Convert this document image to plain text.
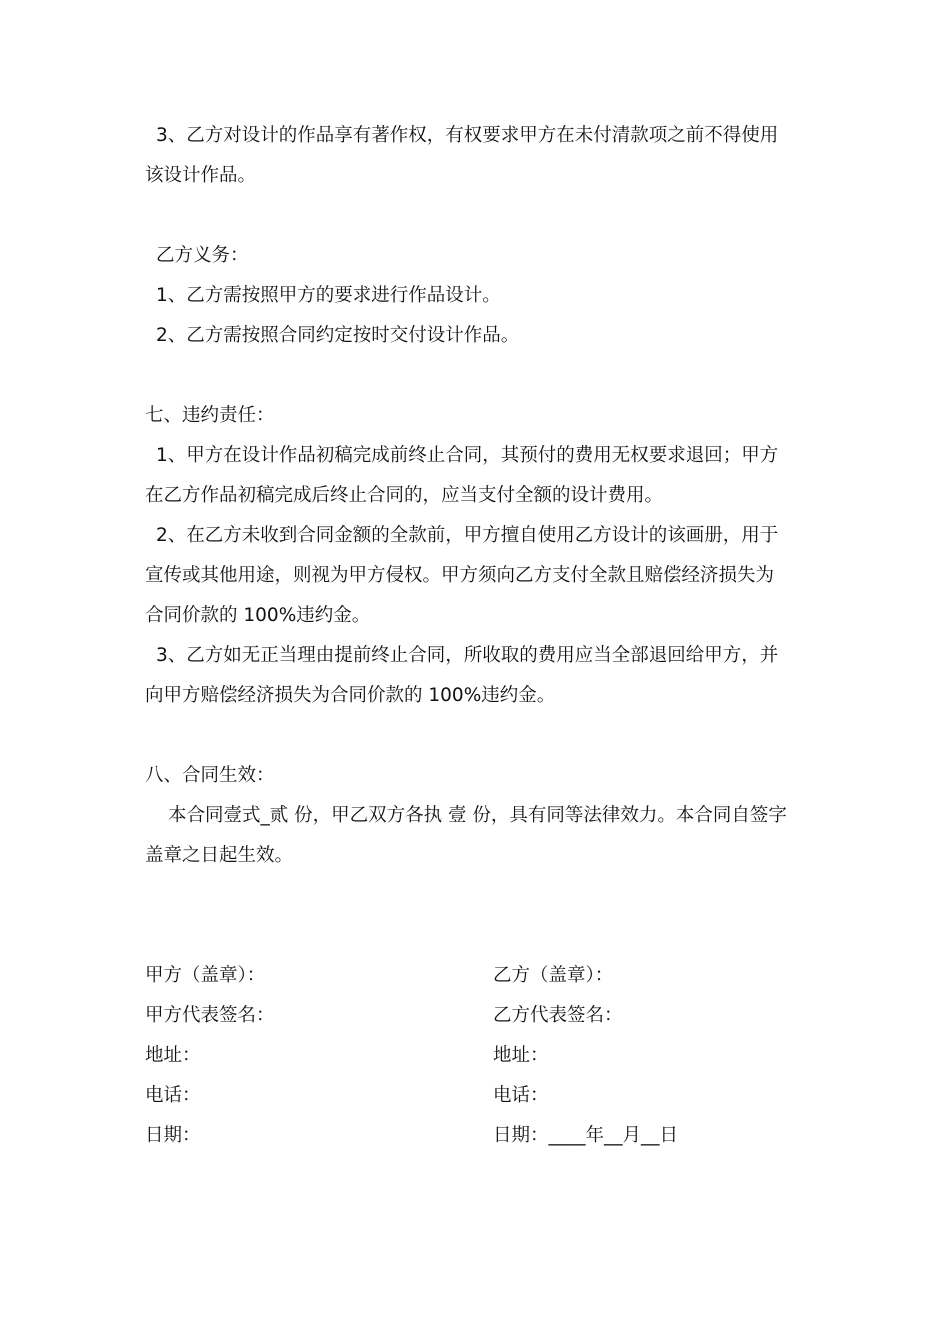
3、乙方对设计的作品享有著作权，有权要求甲方在未付清款项之前不得使用
该设计作品。
乙方义务：
1、乙方需按照甲方的要求进行作品设计。
2、乙方需按照合同约定按时交付设计作品。
七、违约责任：
1、甲方在设计作品初稿完成前终止合同，其预付的费用无权要求退回；甲方
在乙方作品初稿完成后终止合同的，应当支付全额的设计费用。
2、在乙方未收到合同金额的全款前，甲方擅自使用乙方设计的该画册，用于
宣传或其他用途，则视为甲方侵权。甲方须向乙方支付全款且赔偿经济损失为
合同价款的 100%违约金。
3、乙方如无正当理由提前终止合同，所收取的费用应当全部退回给甲方，并
向甲方赔偿经济损失为合同价款的 100%违约金。
八、合同生效：
本合同壹式_贰 份，甲乙双方各执 壹 份，具有同等法律效力。本合同自签字
盖章之日起生效。
甲方（盖章）：	乙方（盖章）：
甲方代表签名：	乙方代表签名：
地址：	地址：
电话：	电话：
日期：	日期：____年__月__日
